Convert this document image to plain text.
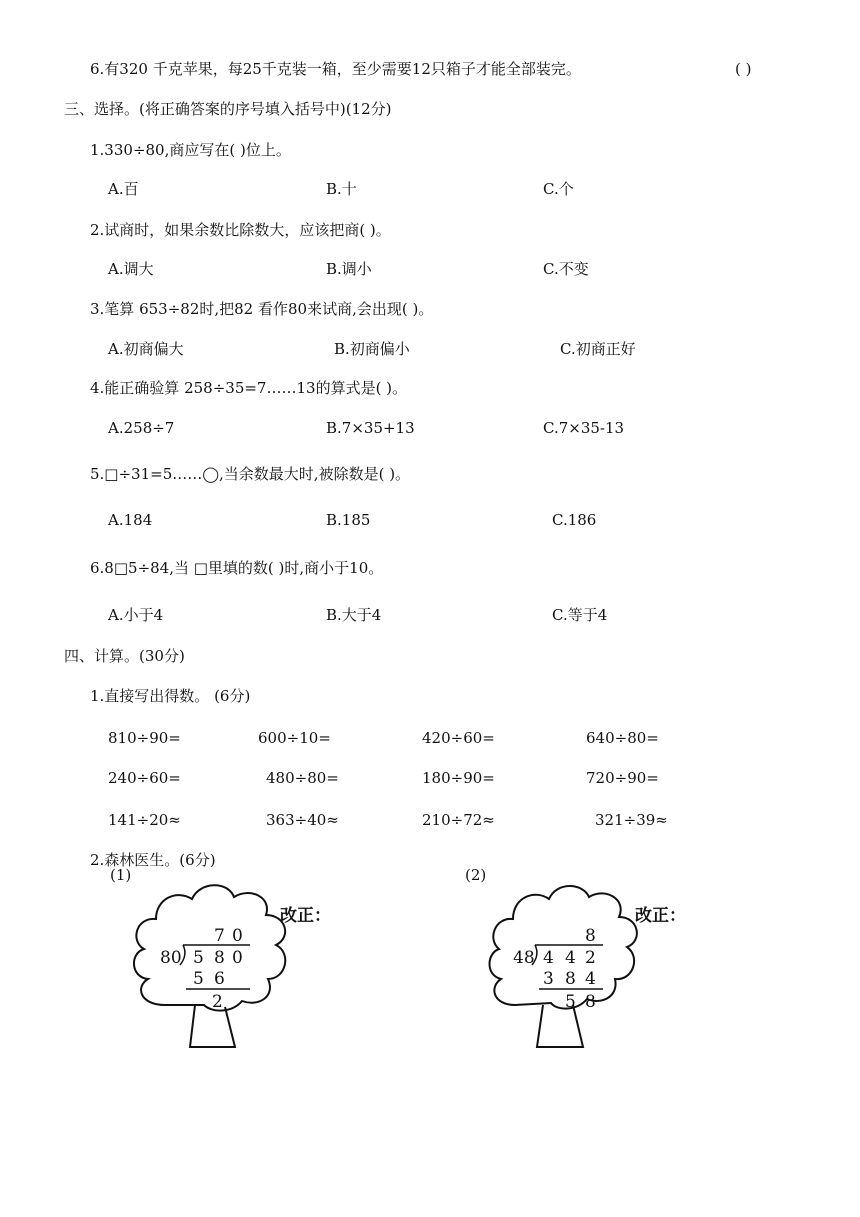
6.有320 千克苹果，每25千克装一箱，至少需要12只箱子才能全部装完。	( )
三、选择。(将正确答案的序号填入括号中)(12分)
1.330÷80,商应写在( )位上。
A.百	B.十	C.个
2.试商时，如果余数比除数大，应该把商( )。
A.调大	B.调小	C.不变
3.笔算 653÷82时,把82 看作80来试商,会出现( )。
A.初商偏大	B.初商偏小	C.初商正好
4.能正确验算 258÷35=7……13的算式是( )。
A.258÷7	B.7×35+13	C.7×35-13
5.□÷31=5……◯,当余数最大时,被除数是( )。
A.184	B.185	C.186
6.8□5÷84,当 □里填的数( )时,商小于10。
A.小于4	B.大于4	C.等于4
四、计算。(30分)
1.直接写出得数。 (6分)
810÷90=	600÷10=	420÷60=	640÷80=
240÷60=	480÷80=	180÷90=	720÷90=
141÷20≈	363÷40≈	210÷72≈	321÷39≈
2.森林医生。(6分)
(1)
改正：
7 0
80 5 8 0
5 6
2
(2)
改正：
8
48 4 4 2
3 8 4
5 8
